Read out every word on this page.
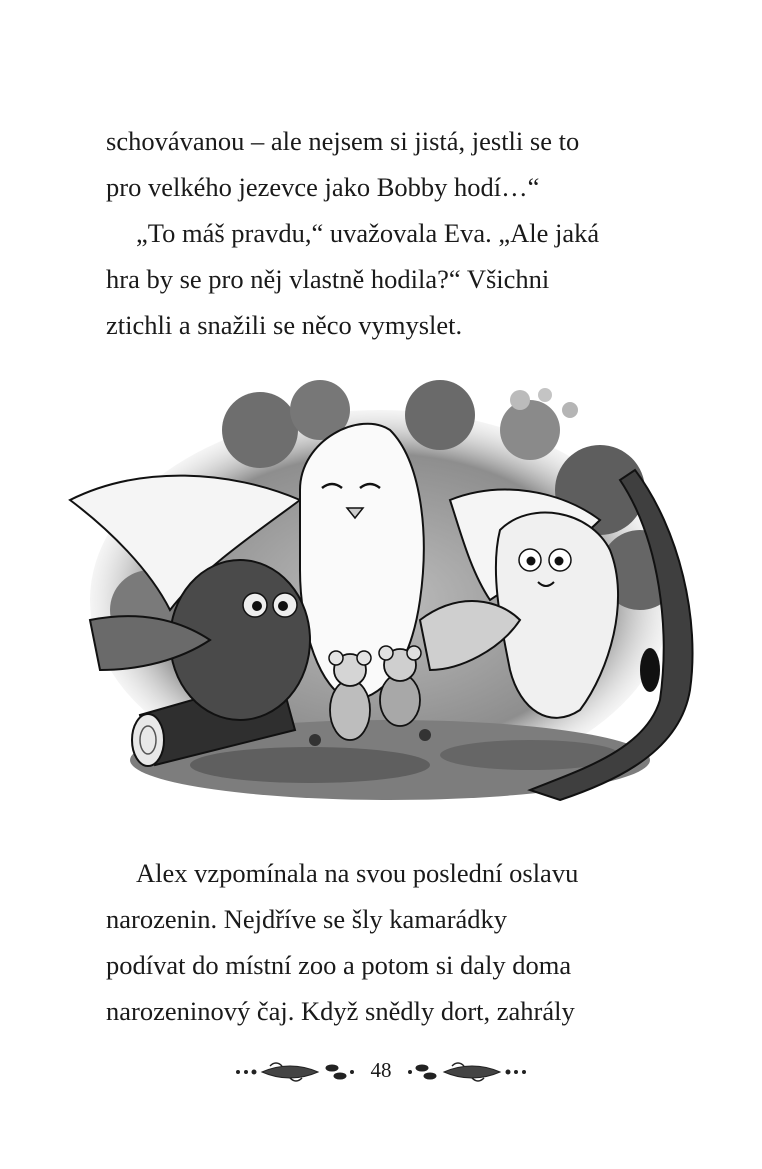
schovávanou – ale nejsem si jistá, jestli se to
pro velkého jezevce jako Bobby hodí…“
„To máš pravdu,“ uvažovala Eva. „Ale jaká
hra by se pro něj vlastně hodila?“ Všichni
ztichli a snažili se něco vymyslet.
Alex vzpomínala na svou poslední oslavu
narozenin. Nejdříve se šly kamarádky
podívat do místní zoo a potom si daly doma
narozeninový čaj. Když snědly dort, zahrály
48
